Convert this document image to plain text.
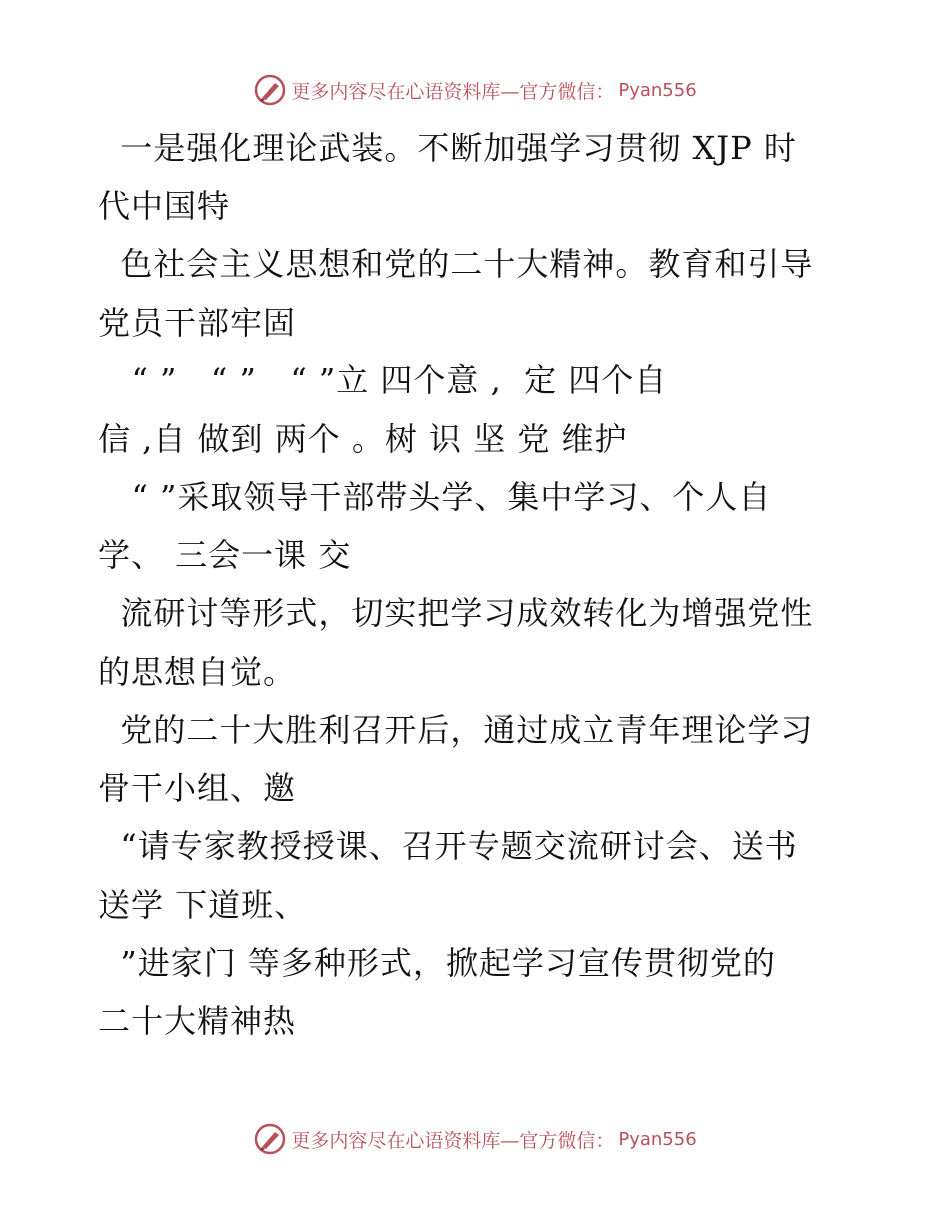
更多内容尽在心语资料库—官方微信： Pyan556
一是强化理论武装。不断加强学习贯彻 XJP 时
代中国特
色社会主义思想和党的二十大精神。教育和引导
党员干部牢固
“ ”   “ ”   “ ”立 四个意 ,  定 四个自
信 ,自 做到 两个 。树 识 坚 党 维护
“ ”采取领导干部带头学、集中学习、个人自
学、 三会一课 交
流研讨等形式，切实把学习成效转化为增强党性
的思想自觉。
党的二十大胜利召开后，通过成立青年理论学习
骨干小组、邀
“请专家教授授课、召开专题交流研讨会、送书
送学 下道班、
”进家门 等多种形式，掀起学习宣传贯彻党的
二十大精神热
更多内容尽在心语资料库—官方微信： Pyan556
